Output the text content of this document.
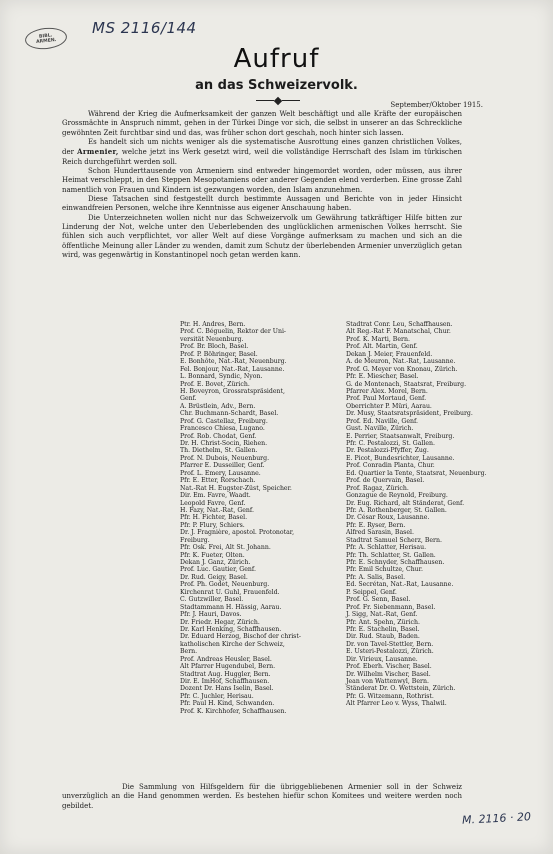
BIBL.
ARMEN.
MS 2116/144
Aufruf
an das Schweizervolk.
September/Oktober 1915.

Während der Krieg die Aufmerksamkeit der ganzen Welt beschäftigt und alle Kräfte der europäischen Grossmächte in Anspruch nimmt, gehen in der Türkei Dinge vor sich, die selbst in unserer an das Schreckliche gewöhnten Zeit furchtbar sind und das, was früher schon dort geschah, noch hinter sich lassen.

Es handelt sich um nichts weniger als die systematische Ausrottung eines ganzen christlichen Volkes, der Armenier, welche jetzt ins Werk gesetzt wird, weil die vollständige Herrschaft des Islam im türkischen Reich durchgeführt werden soll.

Schon Hunderttausende von Armeniern sind entweder hingemordet worden, oder müssen, aus ihrer Heimat verschleppt, in den Steppen Mesopotamiens oder anderer Gegenden elend verderben. Eine grosse Zahl namentlich von Frauen und Kindern ist gezwungen worden, den Islam anzunehmen.

Diese Tatsachen sind festgestellt durch bestimmte Aussagen und Berichte von in jeder Hinsicht einwandfreien Personen, welche ihre Kenntnisse aus eigener Anschauung haben.

Die Unterzeichneten wollen nicht nur das Schweizervolk um Gewährung tatkräftiger Hilfe bitten zur Linderung der Not, welche unter den Ueberlebenden des unglücklichen armenischen Volkes herrscht. Sie fühlen sich auch verpflichtet, vor aller Welt auf diese Vorgänge aufmerksam zu machen und sich an die öffentliche Meinung aller Länder zu wenden, damit zum Schutz der überlebenden Armenier unverzüglich getan wird, was gegenwärtig in Konstantinopel noch getan werden kann.

Ptr. H. Andres, Bern.
Prof. C. Béguelin, Rektor der Uni-
versität Neuenburg.
Prof. Br. Bloch, Basel.
Prof. P. Böhringer, Basel.
E. Bonhôte, Nat.-Rat, Neuenburg.
Fel. Bonjour, Nat.-Rat, Lausanne.
L. Bonnard, Syndic, Nyon.
Prof. E. Bovet, Zürich.
H. Boveyron, Grossratspräsident,
Genf.
A. Brüstlein, Adv., Bern.
Chr. Buchmann-Schardt, Basel.
Prof. G. Castellaz, Freiburg.
Francesco Chiesa, Lugano.
Prof. Rob. Chodat, Genf.
Dr. H. Christ-Socin, Riehen.
Th. Diethelm, St. Gallen.
Prof. N. Dubois, Neuenburg.
Pfarrer E. Dusseiller, Genf.
Prof. L. Emery, Lausanne.
Pfr. E. Etter, Rorschach.
Nat.-Rat H. Eugster-Züst, Speicher.
Dir. Em. Favre, Waadt.
Leopold Favre, Genf.
H. Fazy, Nat.-Rat, Genf.
Pfr. H. Fichter, Basel.
Pfr. P. Flury, Schiers.
Dr. J. Fragnière, apostol. Protonotar,
Freiburg.
Pfr. Osk. Frei, Alt St. Johann.
Pfr. K. Fueter, Olten.
Dekan J. Ganz, Zürich.
Prof. Luc. Gautier, Genf.
Dr. Rud. Geigy, Basel.
Prof. Ph. Godet, Neuenburg.
Kirchenrat U. Guhl, Frauenfeld.
C. Gutzwiller, Basel.
Stadtammann H. Hässig, Aarau.
Pfr. J. Hauri, Davos.
Dr. Friedr. Hegar, Zürich.
Dr. Karl Henking, Schaffhausen.
Dr. Eduard Herzog, Bischof der christ-
katholischen Kirche der Schweiz,
Bern.
Prof. Andreas Heusler, Basel.
Alt Pfarrer Hugendubel, Bern.
Stadtrat Aug. Huggler, Bern.
Dir. E. ImHof, Schaffhausen.
Dozent Dr. Hans Iselin, Basel.
Pfr. C. Juchler, Herisau.
Pfr. Paul H. Kind, Schwanden.
Prof. K. Kirchhofer, Schaffhausen.
Stadtrat Conr. Leu, Schaffhausen.
Alt Reg.-Rat F. Manatschal, Chur.
Prof. K. Marti, Bern.
Prof. Alt. Martin, Genf.
Dekan J. Meier, Frauenfeld.
A. de Meuron, Nat.-Rat, Lausanne.
Prof. G. Meyer von Knonau, Zürich.
Pfr. E. Miescher, Basel.
G. de Montenach, Staatsrat, Freiburg.
Pfarrer Alex. Morel, Bern.
Prof. Paul Mortaud, Genf.
Oberrichter P. Müri, Aarau.
Dr. Musy, Staatsratspräsident, Freiburg.
Prof. Ed. Naville, Genf.
Gust. Naville, Zürich.
E. Perrier, Staatsanwalt, Freiburg.
Pfr. C. Pestalozzi, St. Gallen.
Dr. Pestalozzi-Pfyffer, Zug.
E. Picot, Bundesrichter, Lausanne.
Prof. Conradin Planta, Chur.
Ed. Quartier la Tente, Staatsrat, Neuenburg.
Prof. de Quervain, Basel.
Prof. Ragaz, Zürich.
Gonzague de Reynold, Freiburg.
Dr. Eug. Richard, alt Ständerat, Genf.
Pfr. A. Rothenberger, St. Gallen.
Dr. César Roux, Lausanne.
Pfr. E. Ryser, Bern.
Alfred Sarasin, Basel.
Stadtrat Samuel Scherz, Bern.
Pfr. A. Schlatter, Herisau.
Pfr. Th. Schlatter, St. Gallen.
Pfr. E. Schnyder, Schaffhausen.
Pfr. Emil Schultze, Chur.
Pfr. A. Salis, Basel.
Ed. Secrétan, Nat.-Rat, Lausanne.
P. Seippel, Genf.
Prof. G. Senn, Basel.
Prof. Fr. Siebenmann, Basel.
J. Sigg, Nat.-Rat, Genf.
Pfr. Ant. Spehn, Zürich.
Pfr. E. Stachelin, Basel.
Dir. Rud. Staub, Baden.
Dr. von Tavel-Stettler, Bern.
E. Usteri-Pestalozzi, Zürich.
Dir. Virieux, Lausanne.
Prof. Eberh. Vischer, Basel.
Dr. Wilhelm Vischer, Basel.
Jean von Wattenwyl, Bern.
Ständerat Dr. O. Wettstein, Zürich.
Pfr. G. Witzemann, Rothrist.
Alt Pfarrer Leo v. Wyss, Thalwil.

Die Sammlung von Hilfsgeldern für die übriggebliebenen Armenier soll in der Schweiz unverzüglich an die Hand genommen werden. Es bestehen hiefür schon Komitees und weitere werden noch gebildet.

M. 2116 · 20
